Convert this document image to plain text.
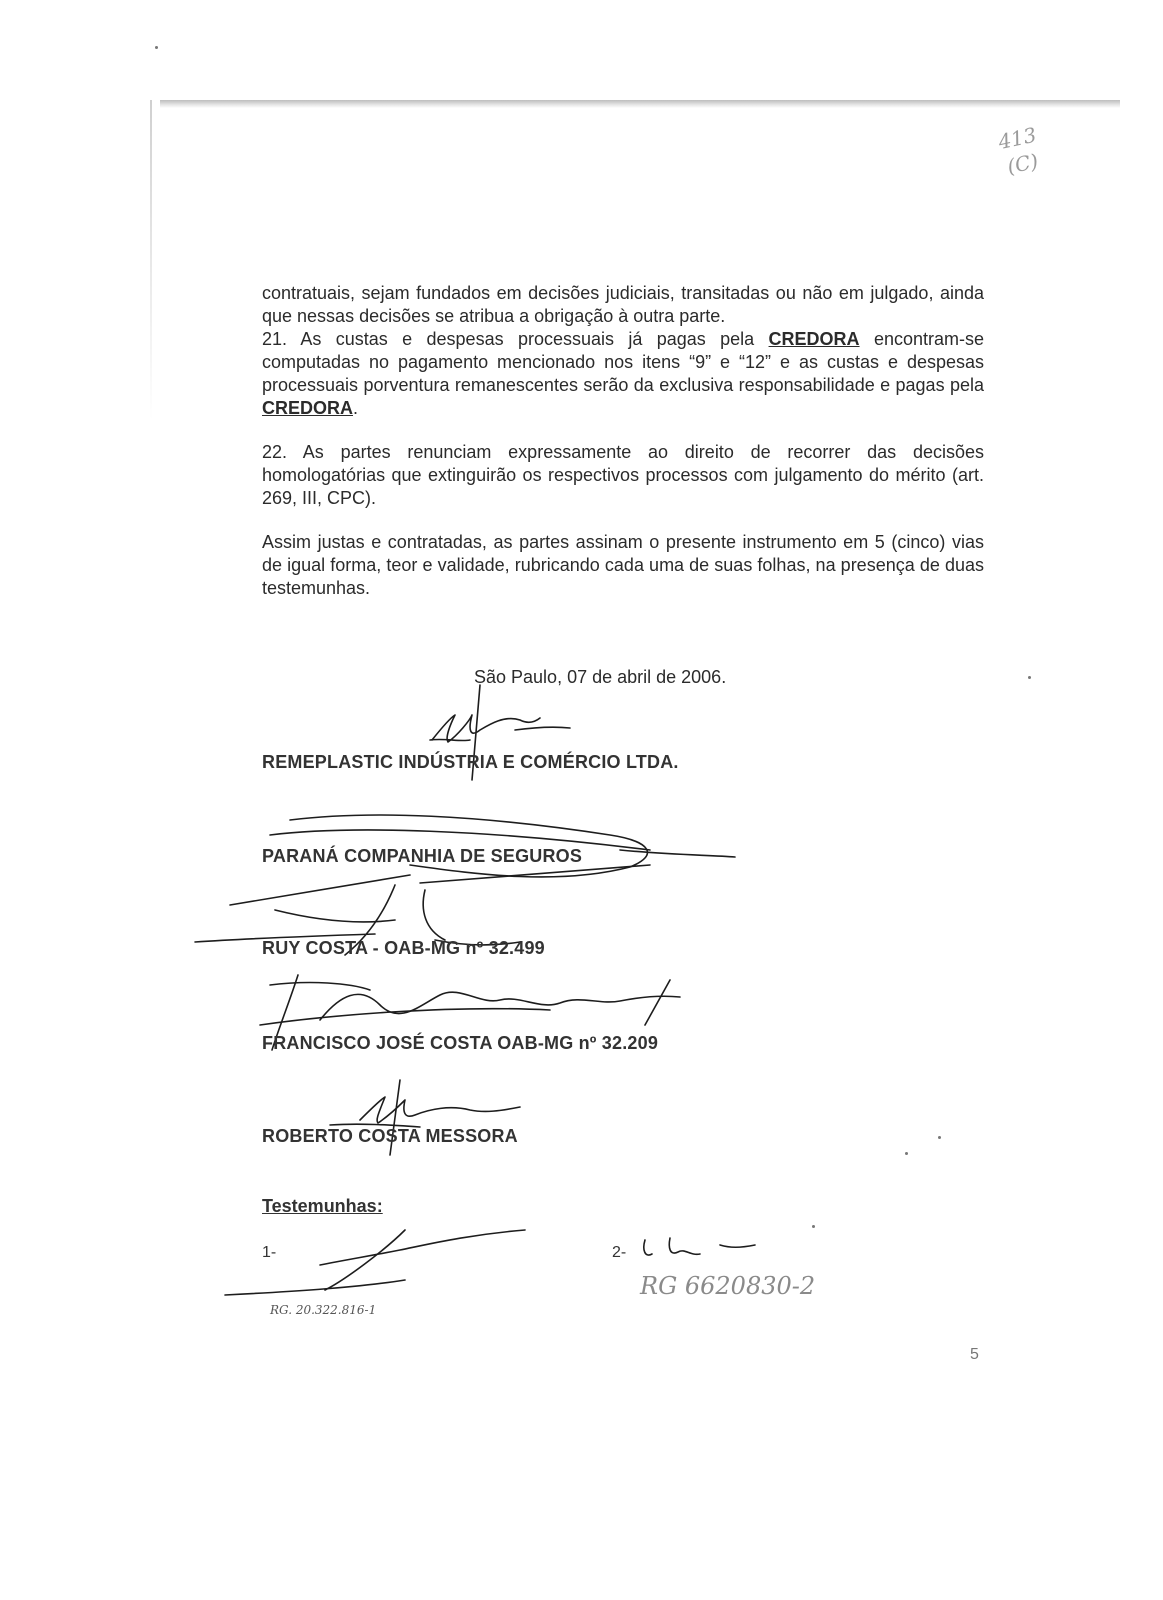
413
(C)

contratuais, sejam fundados em decisões judiciais, transitadas ou não em julgado, ainda que nessas decisões se atribua a obrigação à outra parte.

21. As custas e despesas processuais já pagas pela CREDORA encontram-se computadas no pagamento mencionado nos itens “9” e “12” e as custas e despesas processuais porventura remanescentes serão da exclusiva responsabilidade e pagas pela CREDORA.

22. As partes renunciam expressamente ao direito de recorrer das decisões homologatórias que extinguirão os respectivos processos com julgamento do mérito (art. 269, III, CPC).

Assim justas e contratadas, as partes assinam o presente instrumento em 5 (cinco) vias de igual forma, teor e validade, rubricando cada uma de suas folhas, na presença de duas testemunhas.

São Paulo, 07 de abril de 2006.
REMEPLASTIC INDÚSTRIA E COMÉRCIO LTDA.
PARANÁ COMPANHIA DE SEGUROS
RUY COSTA - OAB-MG nº 32.499
FRANCISCO JOSÉ COSTA OAB-MG nº 32.209
ROBERTO COSTA MESSORA
Testemunhas:
1-
RG. 20.322.816-1
2-
RG 6620830-2
5
